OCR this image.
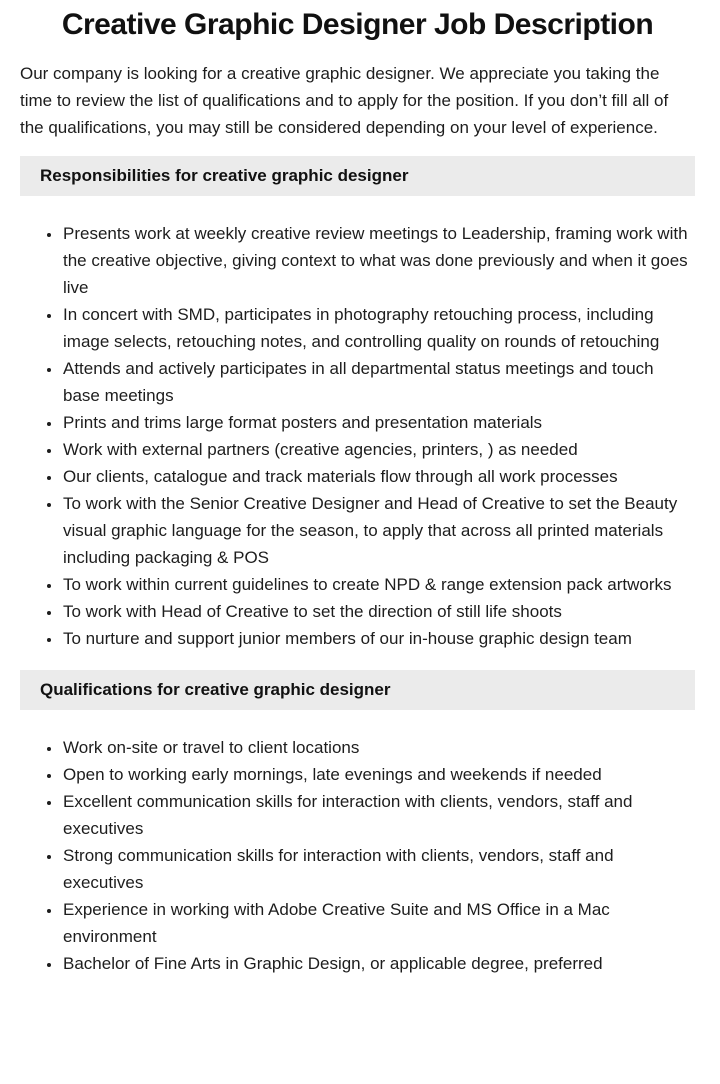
Creative Graphic Designer Job Description

Our company is looking for a creative graphic designer. We appreciate you taking the time to review the list of qualifications and to apply for the position. If you don’t fill all of the qualifications, you may still be considered depending on your level of experience.

Responsibilities for creative graphic designer
• Presents work at weekly creative review meetings to Leadership, framing work with the creative objective, giving context to what was done previously and when it goes live
• In concert with SMD, participates in photography retouching process, including image selects, retouching notes, and controlling quality on rounds of retouching
• Attends and actively participates in all departmental status meetings and touch base meetings
• Prints and trims large format posters and presentation materials
• Work with external partners (creative agencies, printers, ) as needed
• Our clients, catalogue and track materials flow through all work processes
• To work with the Senior Creative Designer and Head of Creative to set the Beauty visual graphic language for the season, to apply that across all printed materials including packaging & POS
• To work within current guidelines to create NPD & range extension pack artworks
• To work with Head of Creative to set the direction of still life shoots
• To nurture and support junior members of our in-house graphic design team
Qualifications for creative graphic designer
• Work on-site or travel to client locations
• Open to working early mornings, late evenings and weekends if needed
• Excellent communication skills for interaction with clients, vendors, staff and executives
• Strong communication skills for interaction with clients, vendors, staff and executives
• Experience in working with Adobe Creative Suite and MS Office in a Mac environment
• Bachelor of Fine Arts in Graphic Design, or applicable degree, preferred
